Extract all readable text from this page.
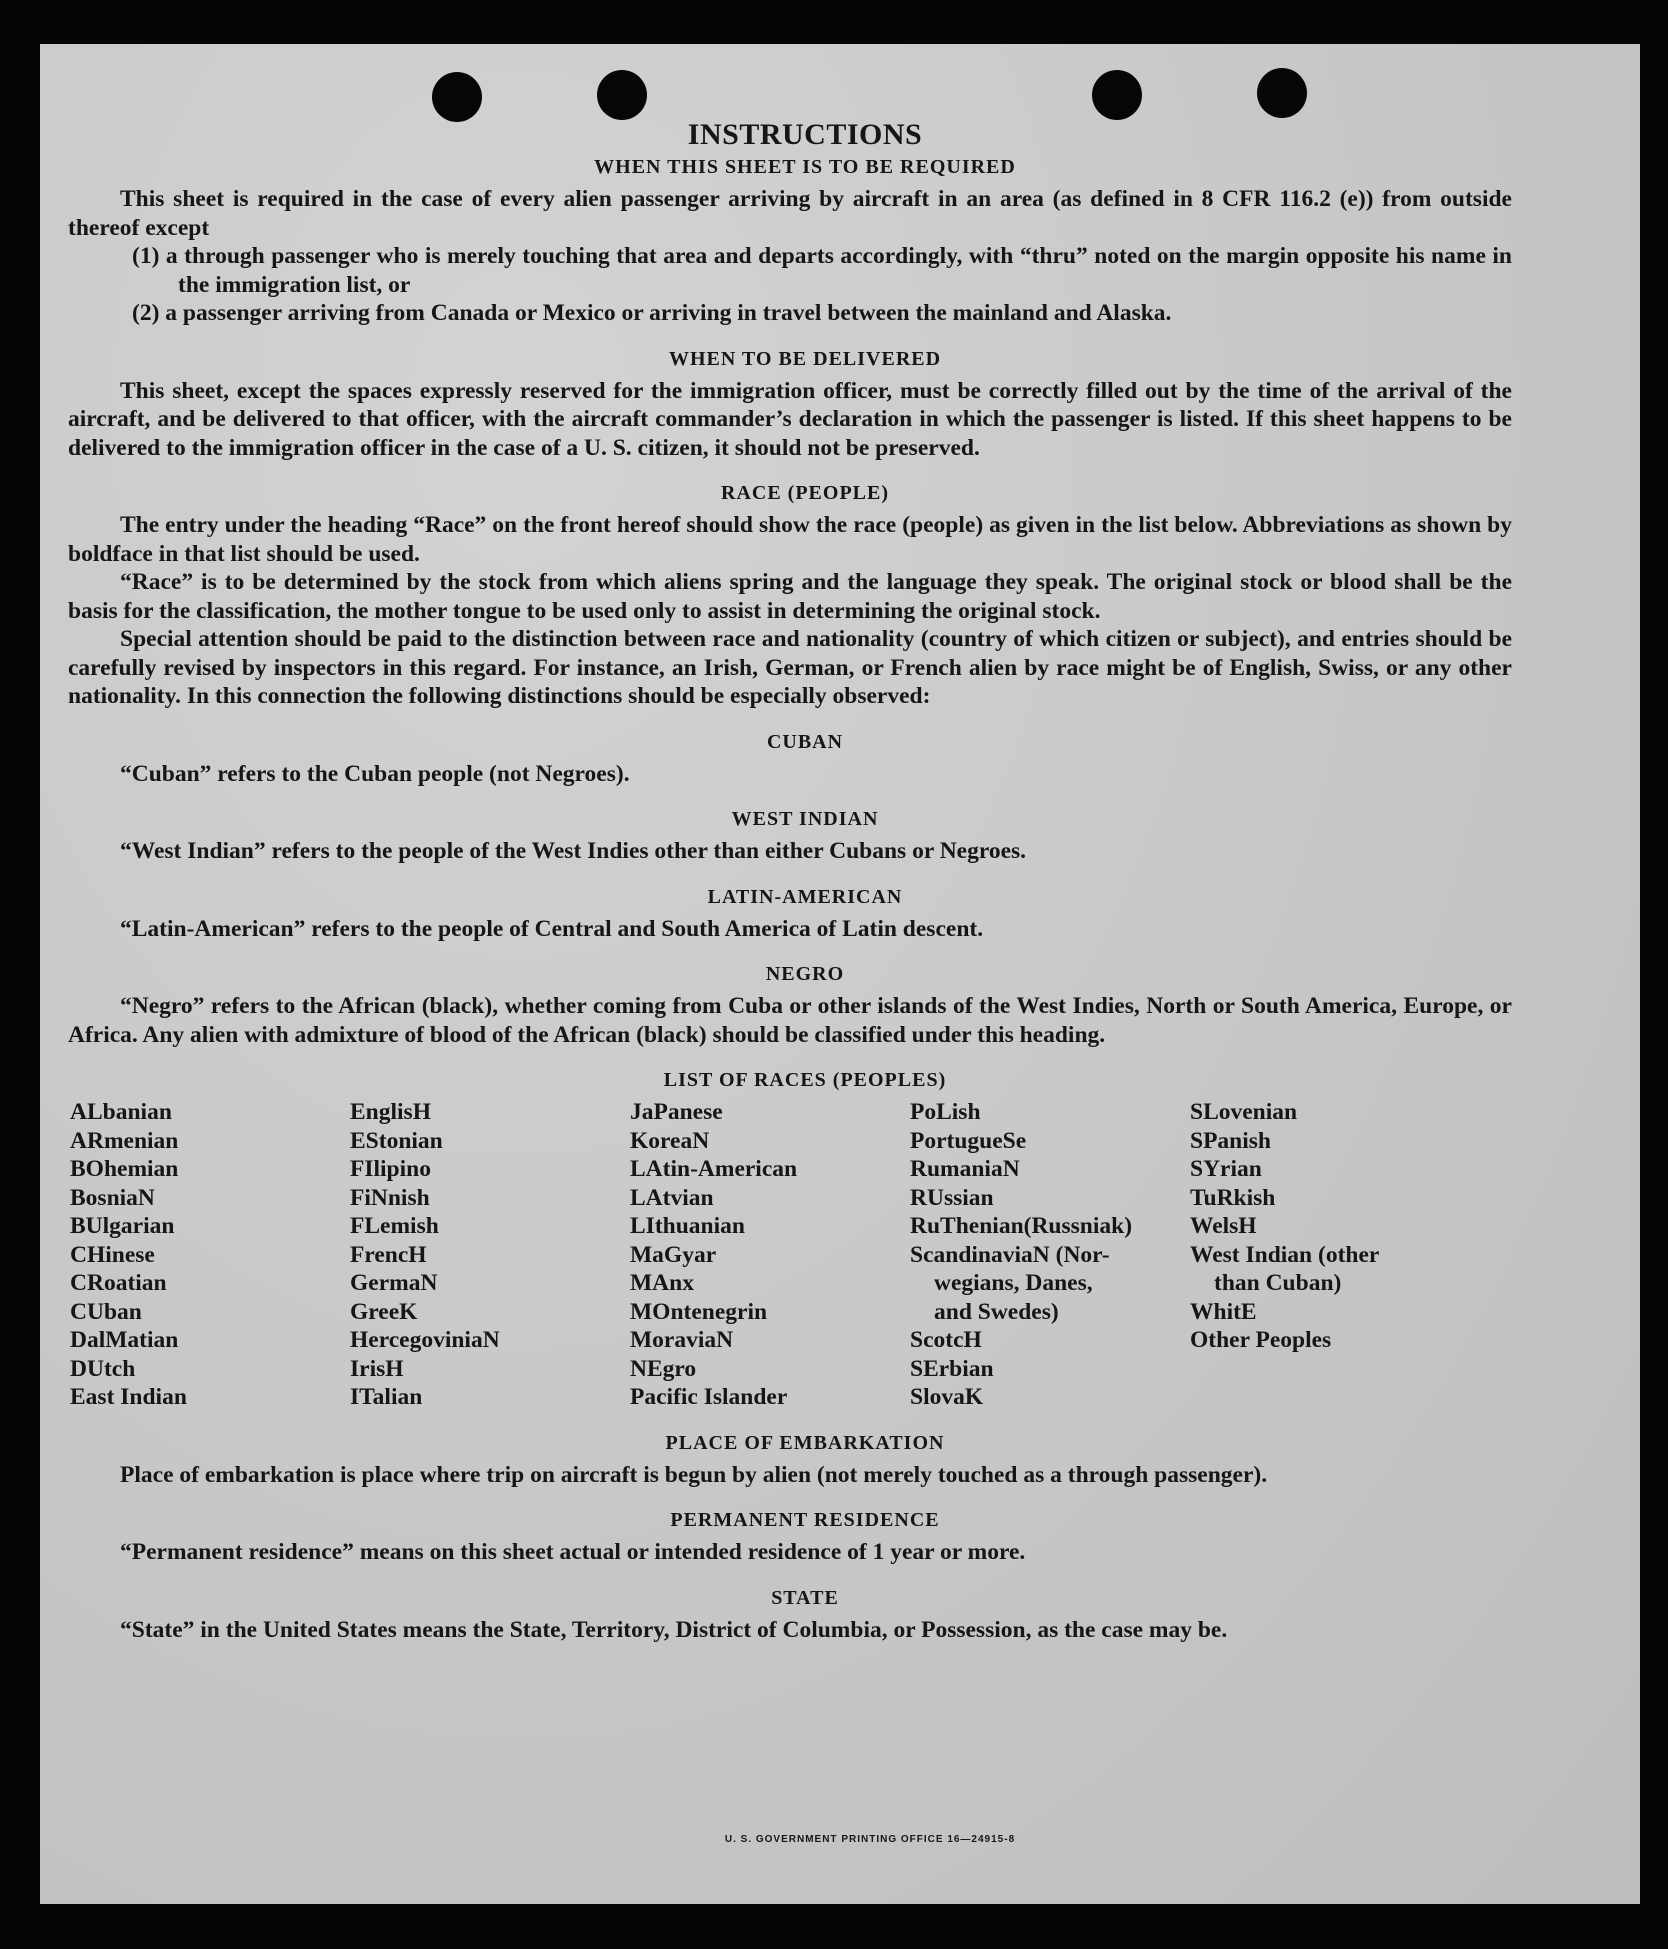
INSTRUCTIONS
WHEN THIS SHEET IS TO BE REQUIRED

This sheet is required in the case of every alien passenger arriving by aircraft in an area (as defined in 8 CFR 116.2 (e)) from outside thereof except

(1) a through passenger who is merely touching that area and departs accordingly, with “thru” noted on the margin opposite his name in the immigration list, or

(2) a passenger arriving from Canada or Mexico or arriving in travel between the mainland and Alaska.

WHEN TO BE DELIVERED

This sheet, except the spaces expressly reserved for the immigration officer, must be correctly filled out by the time of the arrival of the aircraft, and be delivered to that officer, with the aircraft commander’s declaration in which the passenger is listed. If this sheet happens to be delivered to the immigration officer in the case of a U. S. citizen, it should not be preserved.

RACE (PEOPLE)

The entry under the heading “Race” on the front hereof should show the race (people) as given in the list below. Abbreviations as shown by boldface in that list should be used.

“Race” is to be determined by the stock from which aliens spring and the language they speak. The original stock or blood shall be the basis for the classification, the mother tongue to be used only to assist in determining the original stock.

Special attention should be paid to the distinction between race and nationality (country of which citizen or subject), and entries should be carefully revised by inspectors in this regard. For instance, an Irish, German, or French alien by race might be of English, Swiss, or any other nationality. In this connection the following distinctions should be especially observed:

CUBAN

“Cuban” refers to the Cuban people (not Negroes).

WEST INDIAN

“West Indian” refers to the people of the West Indies other than either Cubans or Negroes.

LATIN-AMERICAN

“Latin-American” refers to the people of Central and South America of Latin descent.

NEGRO

“Negro” refers to the African (black), whether coming from Cuba or other islands of the West Indies, North or South America, Europe, or Africa. Any alien with admixture of blood of the African (black) should be classified under this heading.

LIST OF RACES (PEOPLES)
ALbanian
ARmenian
BOhemian
BosniaN
BUlgarian
CHinese
CRoatian
CUban
DalMatian
DUtch
East Indian
EnglisH
EStonian
FIlipino
FiNnish
FLemish
FrencH
GermaN
GreeK
HercegoviniaN
IrisH
ITalian
JaPanese
KoreaN
LAtin-American
LAtvian
LIthuanian
MaGyar
MAnx
MOntenegrin
MoraviaN
NEgro
Pacific Islander
PoLish
PortugueSe
RumaniaN
RUssian
RuThenian(Russniak)
ScandinaviaN (Nor-
wegians, Danes,
and Swedes)
ScotcH
SErbian
SlovaK
SLovenian
SPanish
SYrian
TuRkish
WelsH
West Indian (other
than Cuban)
WhitE
Other Peoples
PLACE OF EMBARKATION

Place of embarkation is place where trip on aircraft is begun by alien (not merely touched as a through passenger).

PERMANENT RESIDENCE

“Permanent residence” means on this sheet actual or intended residence of 1 year or more.

STATE

“State” in the United States means the State, Territory, District of Columbia, or Possession, as the case may be.

U. S. GOVERNMENT PRINTING OFFICE 16—24915-8
